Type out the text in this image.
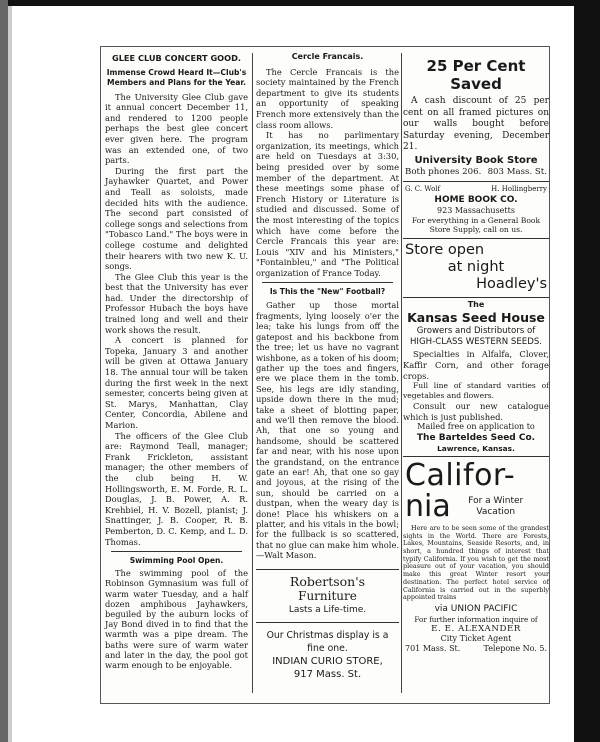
GLEE CLUB CONCERT GOOD.
Immense Crowd Heard It—Club's Members and Plans for the Year.

The University Glee Club gave it annual concert December 11, and rendered to 1200 people perhaps the best glee concert ever given here. The program was an extended one, of two parts.

During the first part the Jayhawker Quartet, and Power and Teall as soloists, made decided hits with the audience. The second part consisted of college songs and selections from "Tobasco Land." The boys were in college costume and delighted their hearers with two new K. U. songs.

The Glee Club this year is the best that the University has ever had. Under the directorship of Professor Hubach the boys have trained long and well and their work shows the result.

A concert is planned for Topeka, January 3 and another will be given at Ottawa January 18. The annual tour will be taken during the first week in the next semester, concerts being given at St. Marys, Manhattan, Clay Center, Concordia, Abilene and Marion.

The officers of the Glee Club are: Raymond Teall, manager; Frank Frickleton, assistant manager; the other members of the club being H. W. Hollingsworth, E. M. Forde, R. L. Douglas, J. B. Power, A. R. Krehbiel, H. V. Bozell, pianist; J. Snattinger, J. B. Cooper, R. B. Pemberton, D. C. Kemp, and L. D. Thomas.

Swimming Pool Open.

The swimming pool of the Robinson Gymnasium was full of warm water Tuesday, and a half dozen amphibous Jayhawkers, beguiled by the auburn locks of Jay Bond dived in to find that the warmth was a pipe dream. The baths were sure of warm water and later in the day, the pool got warm enough to be enjoyable.

Cercle Francais.

The Cercle Francais is the society maintained by the French department to give its students an opportunity of speaking French more extensively than the class room allows.

It has no parlimentary organization, its meetings, which are held on Tuesdays at 3:30, being presided over by some member of the department. At these meetings some phase of French History or Literature is studied and discussed. Some of the most interesting of the topics which have come before the Cercle Francais this year are: Louis "XIV and his Ministers," "Fontainbleu," and "The Political organization of France Today.

Is This the "New" Football?

Gather up those mortal fragments, lying loosely o'er the lea; take his lungs from off the gatepost and his backbone from the tree; let us have no vagrant wishbone, as a token of his doom; gather up the toes and fingers, ere we place them in the tomb. See, his legs are idly standing, upside down there in the mud; take a sheet of blotting paper, and we'll then remove the blood. Ah, that one so young and handsome, should be scattered far and near, with his nose upon the grandstand, on the entrance gate an ear! Ah, that one so gay and joyous, at the rising of the sun, should be carried on a dustpan, when the weary day is done! Place his whiskers on a platter, and his vitals in the bowl; for the fullback is so scattered, that no glue can make him whole.—Walt Mason.

Robertson's
Furniture
Lasts a Life-time.
Our Christmas display is a
fine one.
INDIAN CURIO STORE,
917 Mass. St.
25 Per Cent
Saved

A cash discount of 25 per cent on all framed pictures on our walls bought before Saturday evening, December 21.

University Book Store
Both phones 206. 803 Mass. St.
G. C. Wolf	H. Hollingberry
HOME BOOK CO.
923 Massachusetts

For everything in a General Book Store Supply, call on us.

Store open
at night
Hoadley's
The
Kansas Seed House
Growers and Distributors of HIGH-CLASS WESTERN SEEDS.

Specialties in Alfalfa, Clover, Kaffir Corn, and other forage crops.

Full line of standard varities of vegetables and flowers.

Consult our new catalogue which is just published.

Mailed free on application to
The Barteldes Seed Co.
Lawrence, Kansas.
Califor-
nia	For a Winter Vacation

Here are to be seen some of the grandest sights in the World. There are Forests, Lakes, Mountains, Seaside Resorts, and, in short, a hundred things of interest that typify California. If you wish to get the most pleasure out of your vacation, you should make this great Winter resort your destination. The perfect hotel service of California is carried out in the superbly appointed trains

via UNION PACIFIC
For further information inquire of
E. E. ALEXANDER
City Ticket Agent
701 Mass. St.	Telepone No. 5.
